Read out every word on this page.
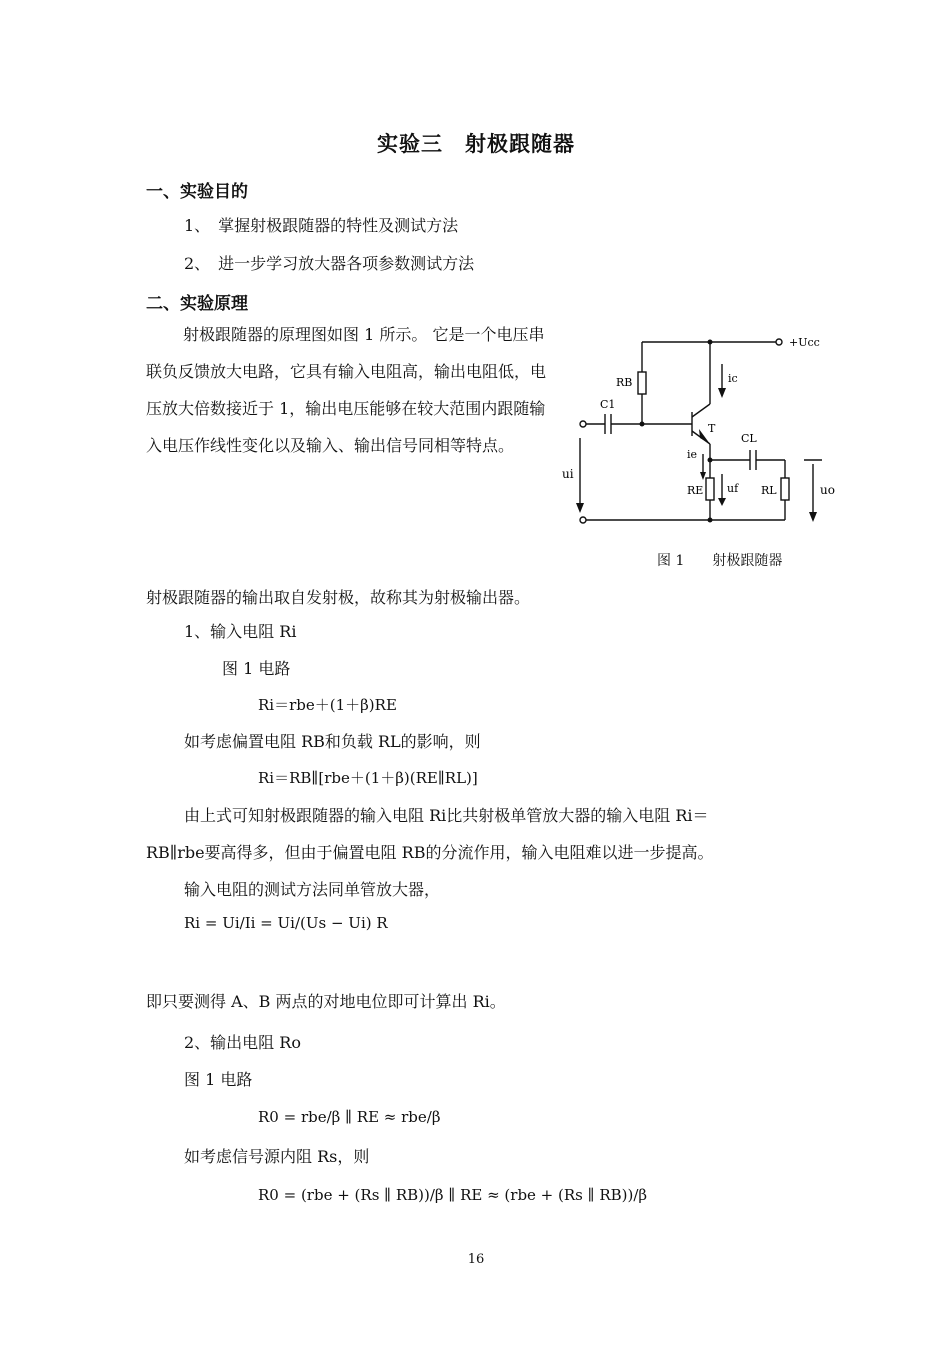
实验三　射极跟随器
一、实验目的
1、　掌握射极跟随器的特性及测试方法
2、　进一步学习放大器各项参数测试方法
二、实验原理
射极跟随器的原理图如图 1 所示。 它是一个电压串联负反馈放大电路，它具有输入电阻高，输出电阻低，电压放大倍数接近于 1，输出电压能够在较大范围内跟随输入电压作线性变化以及输入、输出信号同相等特点。
+Ucc
RB	ic
C1
T
CL
ie
ui
RE uf RL	uo
图 1　　射极跟随器
射极跟随器的输出取自发射极，故称其为射极输出器。
1、输入电阻 Ri
图 1 电路
Ri＝rbe＋(1＋β)RE
如考虑偏置电阻 RB和负载 RL的影响，则
Ri＝RB∥[rbe＋(1＋β)(RE∥RL)]
由上式可知射极跟随器的输入电阻 Ri比共射极单管放大器的输入电阻 Ri＝
RB∥rbe要高得多，但由于偏置电阻 RB的分流作用，输入电阻难以进一步提高。
输入电阻的测试方法同单管放大器，
Ri = Ui/Ii = Ui/(Us − Ui) R
即只要测得 A、B 两点的对地电位即可计算出 Ri。
2、输出电阻 Ro
图 1 电路
R0 = rbe/β ∥ RE ≈ rbe/β
如考虑信号源内阻 Rs，则
R0 = (rbe + (Rs ∥ RB))/β ∥ RE ≈ (rbe + (Rs ∥ RB))/β
16
